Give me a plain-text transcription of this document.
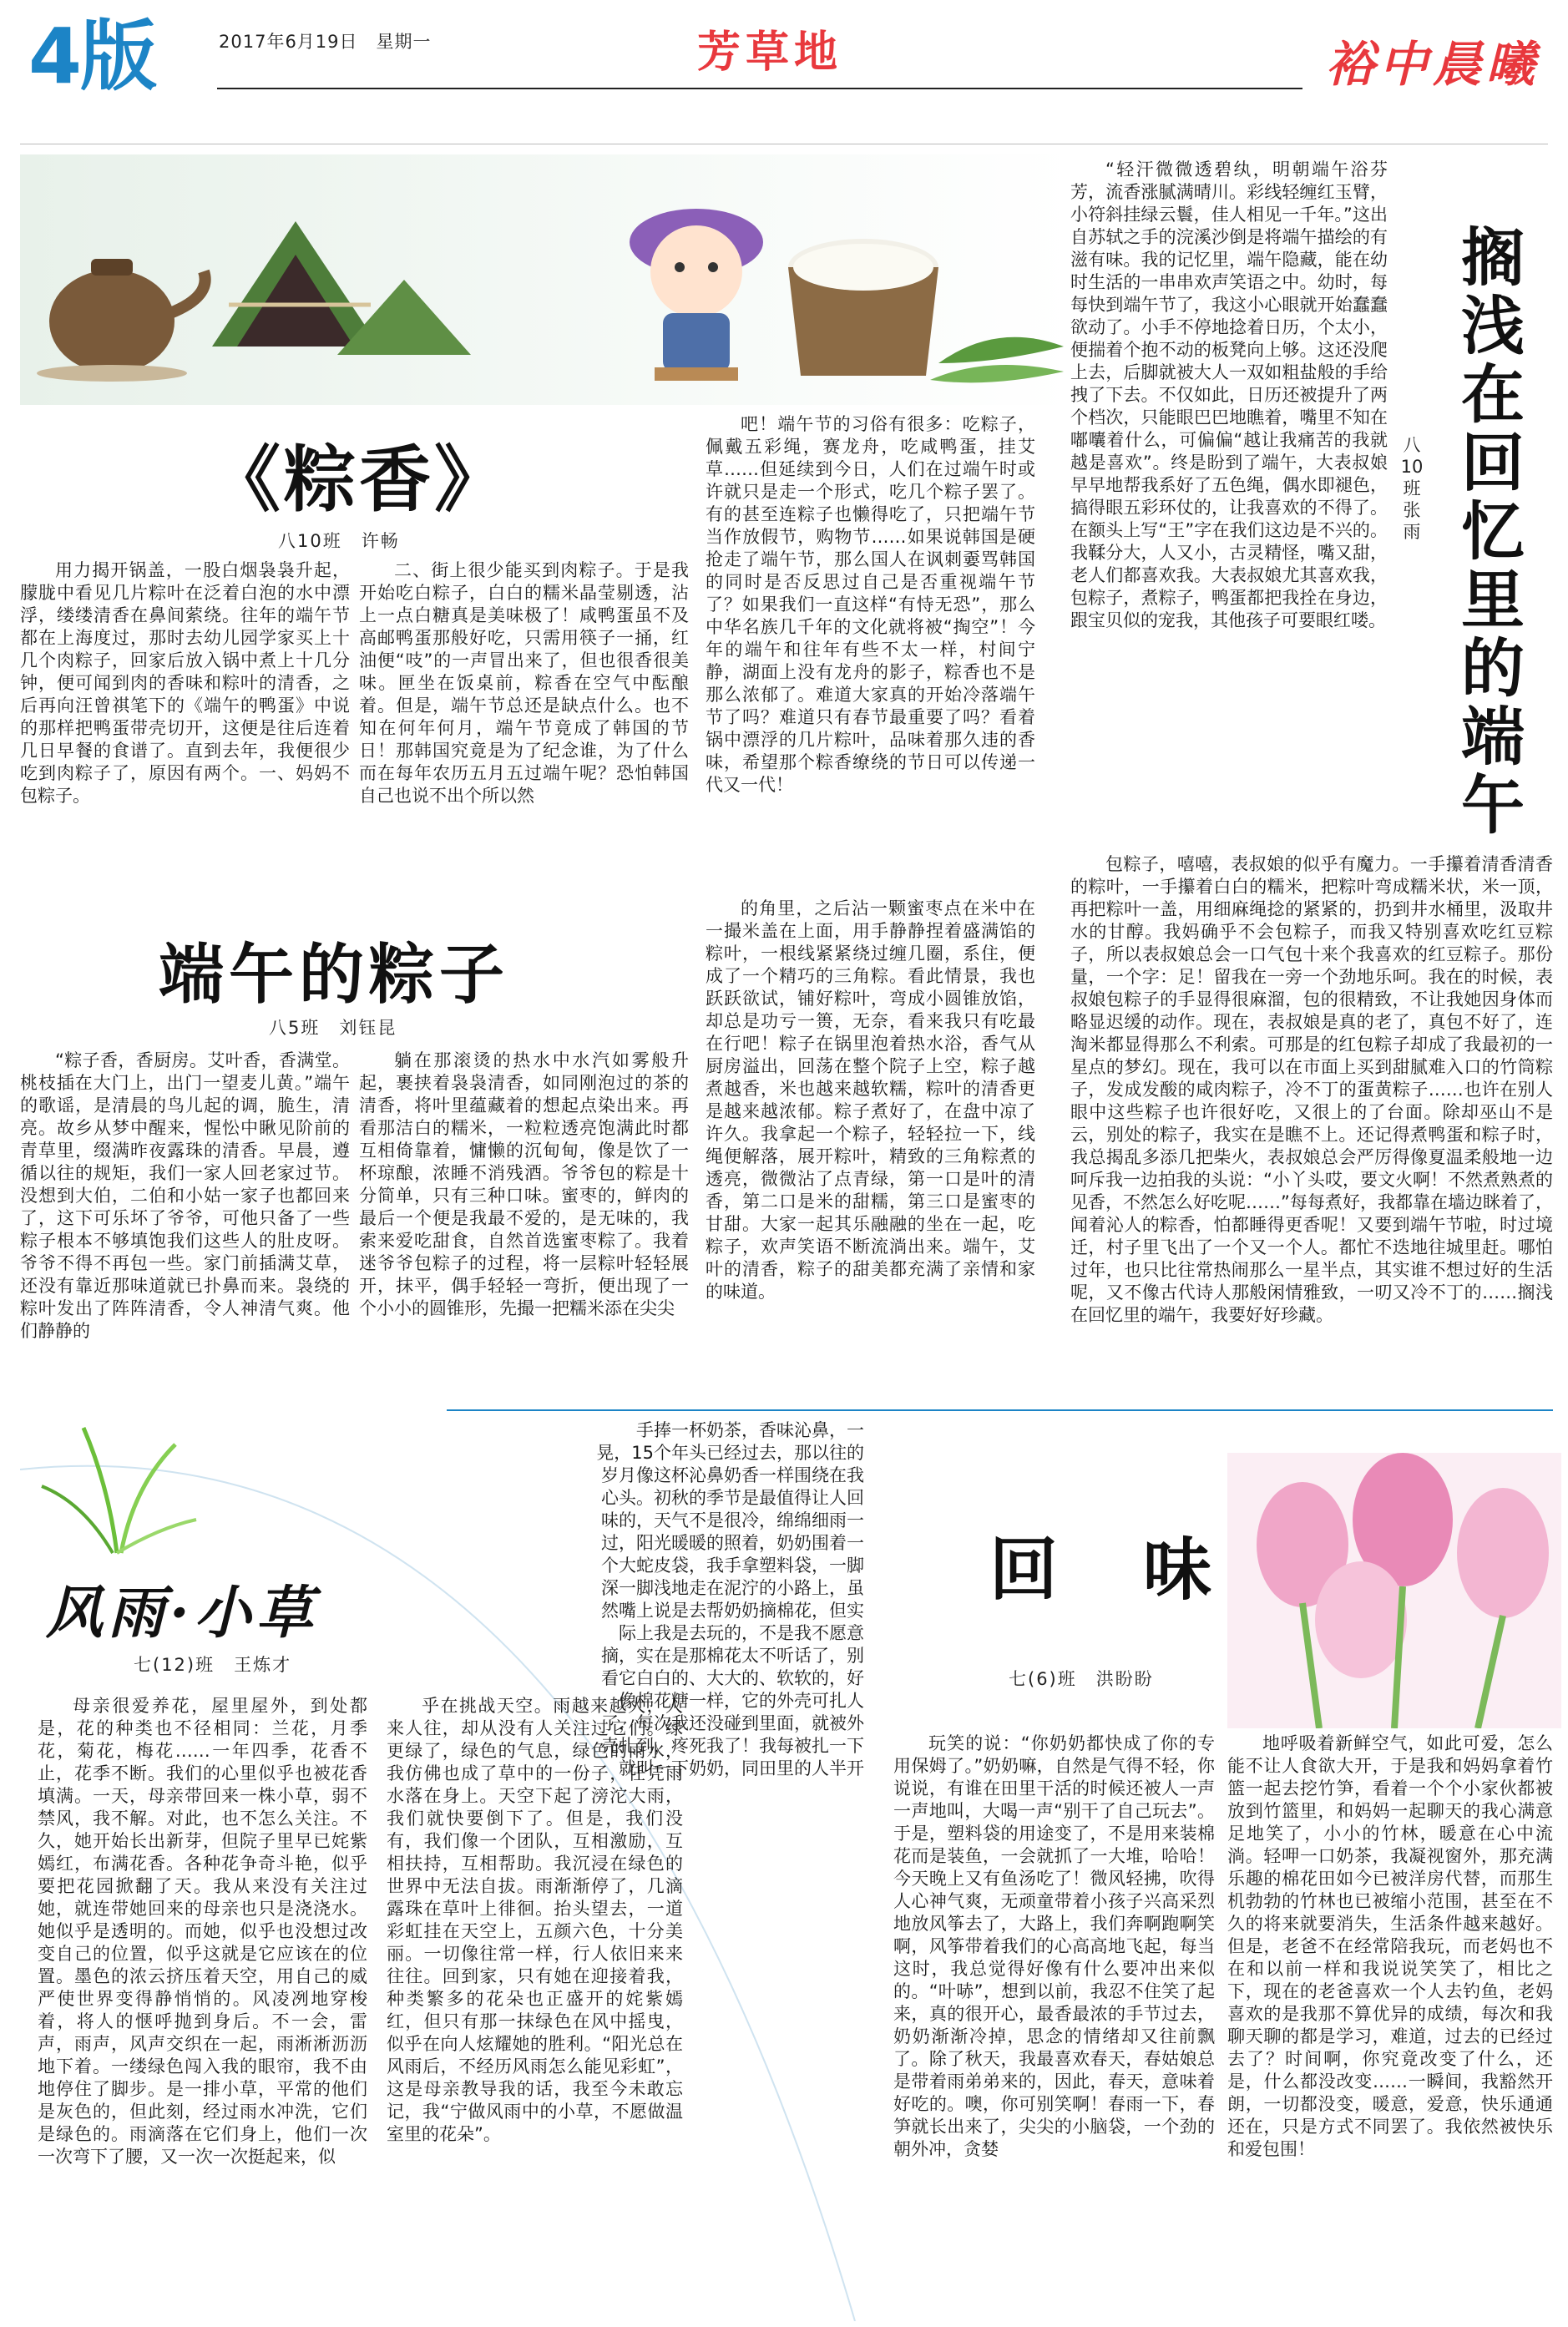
4版	2017年6月19日　星期一	芳草地	裕中晨曦
《粽香》
八10班　许畅

用力揭开锅盖，一股白烟袅袅升起，朦胧中看见几片粽叶在泛着白泡的水中漂浮，缕缕清香在鼻间萦绕。往年的端午节都在上海度过，那时去幼儿园学家买上十几个肉粽子，回家后放入锅中煮上十几分钟，便可闻到肉的香味和粽叶的清香，之后再向汪曾祺笔下的《端午的鸭蛋》中说的那样把鸭蛋带壳切开，这便是往后连着几日早餐的食谱了。直到去年，我便很少吃到肉粽子了，原因有两个。一、妈妈不包粽子。

二、街上很少能买到肉粽子。于是我开始吃白粽子，白白的糯米晶莹剔透，沾上一点白糖真是美味极了！咸鸭蛋虽不及高邮鸭蛋那般好吃，只需用筷子一捅，红油便“吱”的一声冒出来了，但也很香很美味。匣坐在饭桌前，粽香在空气中酝酿着。但是，端午节总还是缺点什么。也不知在何年何月，端午节竟成了韩国的节日！那韩国究竟是为了纪念谁，为了什么而在每年农历五月五过端午呢？恐怕韩国自己也说不出个所以然

吧！端午节的习俗有很多：吃粽子，佩戴五彩绳，赛龙舟，吃咸鸭蛋，挂艾草……但延续到今日，人们在过端午时或许就只是走一个形式，吃几个粽子罢了。有的甚至连粽子也懒得吃了，只把端午节当作放假节，购物节……如果说韩国是硬抢走了端午节，那么国人在讽刺嫑骂韩国的同时是否反思过自己是否重视端午节了？如果我们一直这样“有恃无恐”，那么中华名族几千年的文化就将被“掏空”！今年的端午和往年有些不太一样，村间宁静，湖面上没有龙舟的影子，粽香也不是那么浓郁了。难道大家真的开始冷落端午节了吗？难道只有春节最重要了吗？看着锅中漂浮的几片粽叶，品味着那久违的香味，希望那个粽香缭绕的节日可以传递一代又一代！

端午的粽子
八5班　刘钰昆

“粽子香，香厨房。艾叶香，香满堂。桃枝插在大门上，出门一望麦儿黄。”端午的歌谣，是清晨的鸟儿起的调，脆生，清亮。故乡从梦中醒来，惺忪中瞅见阶前的青草里，缀满昨夜露珠的清香。早晨，遵循以往的规矩，我们一家人回老家过节。没想到大伯，二伯和小姑一家子也都回来了，这下可乐坏了爷爷，可他只备了一些粽子根本不够填饱我们这些人的肚皮呀。爷爷不得不再包一些。家门前插满艾草，还没有靠近那味道就已扑鼻而来。袅绕的粽叶发出了阵阵清香，令人神清气爽。他们静静的

躺在那滚烫的热水中水汽如雾般升起，裹挟着袅袅清香，如同刚泡过的茶的清香，将叶里蕴藏着的想起点染出来。再看那洁白的糯米，一粒粒透亮饱满此时都互相倚靠着，慵懒的沉甸甸，像是饮了一杯琼酿，浓睡不消残酒。爷爷包的粽是十分简单，只有三种口味。蜜枣的，鲜肉的最后一个便是我最不爱的，是无味的，我索来爱吃甜食，自然首选蜜枣粽了。我着迷爷爷包粽子的过程，将一层粽叶轻轻展开，抹平，偶手轻轻一弯折，便出现了一个小小的圆锥形，先撮一把糯米添在尖尖

的角里，之后沾一颗蜜枣点在米中在一撮米盖在上面，用手静静捏着盛满馅的粽叶，一根线紧紧绕过缠几圈，系住，便成了一个精巧的三角粽。看此情景，我也跃跃欲试，铺好粽叶，弯成小圆锥放馅，却总是功亏一篑，无奈，看来我只有吃最在行吧！粽子在锅里泡着热水浴，香气从厨房溢出，回荡在整个院子上空，粽子越煮越香，米也越来越软糯，粽叶的清香更是越来越浓郁。粽子煮好了，在盘中凉了许久。我拿起一个粽子，轻轻拉一下，线绳便解落，展开粽叶，精致的三角粽煮的透亮，微微沾了点青绿，第一口是叶的清香，第二口是米的甜糯，第三口是蜜枣的甘甜。大家一起其乐融融的坐在一起，吃粽子，欢声笑语不断流淌出来。端午，艾叶的清香，粽子的甜美都充满了亲情和家的味道。

搁浅在回忆里的端午
八10班　张雨

“轻汗微微透碧纨，明朝端午浴芬芳，流香涨腻满晴川。彩线轻缠红玉臂，小符斜挂绿云鬟，佳人相见一千年。”这出自苏轼之手的浣溪沙倒是将端午描绘的有滋有味。我的记忆里，端午隐藏，能在幼时生活的一串串欢声笑语之中。幼时，每每快到端午节了，我这小心眼就开始蠢蠢欲动了。小手不停地捻着日历，个太小，便揣着个抱不动的板凳向上够。这还没爬上去，后脚就被大人一双如粗盐般的手给拽了下去。不仅如此，日历还被提升了两个档次，只能眼巴巴地瞧着，嘴里不知在嘟囔着什么，可偏偏“越让我痛苦的我就越是喜欢”。终是盼到了端午，大表叔娘早早地帮我系好了五色绳，偶水即褪色，搞得眼五彩环仗的，让我喜欢的不得了。在额头上写“王”字在我们这边是不兴的。我鞣分大，人又小，古灵精怪，嘴又甜，老人们都喜欢我。大表叔娘尤其喜欢我，包粽子，煮粽子，鸭蛋都把我拴在身边，跟宝贝似的宠我，其他孩子可要眼红喽。

包粽子，嘻嘻，表叔娘的似乎有魔力。一手攥着清香清香的粽叶，一手攥着白白的糯米，把粽叶弯成糯米状，米一顶，再把粽叶一盖，用细麻绳捻的紧紧的，扔到井水桶里，汲取井水的甘醇。我妈确乎不会包粽子，而我又特别喜欢吃红豆粽子，所以表叔娘总会一口气包十来个我喜欢的红豆粽子。那份量，一个字：足！留我在一旁一个劲地乐呵。我在的时候，表叔娘包粽子的手显得很麻溜，包的很精致，不让我她因身体而略显迟缓的动作。现在，表叔娘是真的老了，真包不好了，连淘米都显得那么不利索。可那是的红包粽子却成了我最初的一星点的梦幻。现在，我可以在市面上买到甜腻难入口的竹筒粽子，发成发酸的咸肉粽子，冷不丁的蛋黄粽子……也许在别人眼中这些粽子也许很好吃，又很上的了台面。除却巫山不是云，别处的粽子，我实在是瞧不上。还记得煮鸭蛋和粽子时，我总揭乱多添几把柴火，表叔娘总会严厉得像夏温柔般地一边呵斥我一边拍我的头说：“小丫头哎，要文火啊！不然煮熟煮的见香，不然怎么好吃呢……”每每煮好，我都靠在墙边眯着了，闻着沁人的粽香，怕都睡得更香呢！又要到端午节啦，时过境迁，村子里飞出了一个又一个人。都忙不迭地往城里赶。哪怕过年，也只比往常热闹那么一星半点，其实谁不想过好的生活呢，又不像古代诗人那般闲情雅致，一叨又冷不丁的……搁浅在回忆里的端午，我要好好珍藏。

风雨·小草
七(12)班　王炼才

母亲很爱养花，屋里屋外，到处都是，花的种类也不径相同：兰花，月季花，菊花，梅花……一年四季，花香不止，花季不断。我们的心里似乎也被花香填满。一天，母亲带回来一株小草，弱不禁风，我不解。对此，也不怎么关注。不久，她开始长出新芽，但院子里早已姹紫嫣红，布满花香。各种花争奇斗艳，似乎要把花园掀翻了天。我从来没有关注过她，就连带她回来的母亲也只是浇浇水。她似乎是透明的。而她，似乎也没想过改变自己的位置，似乎这就是它应该在的位置。墨色的浓云挤压着天空，用自己的威严使世界变得静悄悄的。风凌冽地穿梭着，将人的惬呼抛到身后。不一会，雷声，雨声，风声交织在一起，雨淅淅沥沥地下着。一缕绿色闯入我的眼帘，我不由地停住了脚步。是一排小草，平常的他们是灰色的，但此刻，经过雨水冲洗，它们是绿色的。雨滴落在它们身上，他们一次一次弯下了腰，又一次一次挺起来，似

乎在挑战天空。雨越来越大，人来人往，却从没有人关注过它们。绿更绿了，绿色的气息，绿色的雨水，我仿佛也成了草中的一份子，任凭雨水落在身上。天空下起了滂沱大雨，我们就快要倒下了。但是，我们没有，我们像一个团队，互相激励，互相扶持，互相帮助。我沉浸在绿色的世界中无法自拔。雨渐渐停了，几滴露珠在草叶上徘徊。抬头望去，一道彩虹挂在天空上，五颜六色，十分美丽。一切像往常一样，行人依旧来来往往。回到家，只有她在迎接着我，种类繁多的花朵也正盛开的姹紫嫣红，但只有那一抹绿色在风中摇曳，似乎在向人炫耀她的胜利。“阳光总在风雨后，不经历风雨怎么能见彩虹”，这是母亲教导我的话，我至今未敢忘记，我“宁做风雨中的小草，不愿做温室里的花朵”。

回　味
七(6)班　洪盼盼

手捧一杯奶茶，香味沁鼻，一晃，15个年头已经过去，那以往的岁月像这杯沁鼻奶香一样围绕在我心头。初秋的季节是最值得让人回味的，天气不是很冷，绵绵细雨一过，阳光暖暖的照着，奶奶围着一个大蛇皮袋，我手拿塑料袋，一脚深一脚浅地走在泥泞的小路上，虽然嘴上说是去帮奶奶摘棉花，但实际上我是去玩的，不是我不愿意摘，实在是那棉花太不听话了，别看它白白的、大大的、软软的，好像棉花糖一样，它的外壳可扎人了，每次我还没碰到里面，就被外壳扎到，疼死我了！我每被扎一下就叫一下奶奶，同田里的人半开

玩笑的说：“你奶奶都快成了你的专用保姆了。”奶奶嘛，自然是气得不轻，你说说，有谁在田里干活的时候还被人一声一声地叫，大喝一声“别干了自己玩去”。于是，塑料袋的用途变了，不是用来装棉花而是装鱼，一会就抓了一大堆，哈哈！今天晚上又有鱼汤吃了！微风轻拂，吹得人心神气爽，无顽童带着小孩子兴高采烈地放风筝去了，大路上，我们奔啊跑啊笑啊，风筝带着我们的心高高地飞起，每当这时，我总觉得好像有什么要冲出来似的。“叶哧”，想到以前，我忍不住笑了起来，真的很开心，最香最浓的手节过去，奶奶渐渐冷掉，思念的情绪却又往前飘了。除了秋天，我最喜欢春天，春姑娘总是带着雨弟弟来的，因此，春天，意味着好吃的。噢，你可别笑啊！春雨一下，春笋就长出来了，尖尖的小脑袋，一个劲的朝外冲，贪婪

地呼吸着新鲜空气，如此可爱，怎么能不让人食欲大开，于是我和妈妈拿着竹篮一起去挖竹笋，看着一个个小家伙都被放到竹篮里，和妈妈一起聊天的我心满意足地笑了，小小的竹林，暖意在心中流淌。轻呷一口奶茶，我凝视窗外，那充满乐趣的棉花田如今已被洋房代替，而那生机勃勃的竹林也已被缩小范围，甚至在不久的将来就要消失，生活条件越来越好。但是，老爸不在经常陪我玩，而老妈也不在和以前一样和我说说笑笑了，相比之下，现在的老爸喜欢一个人去钓鱼，老妈喜欢的是我那不算优异的成绩，每次和我聊天聊的都是学习，难道，过去的已经过去了？时间啊，你究竟改变了什么，还是，什么都没改变……一瞬间，我豁然开朗，一切都没变，暖意，爱意，快乐通通还在，只是方式不同罢了。我依然被快乐和爱包围！
